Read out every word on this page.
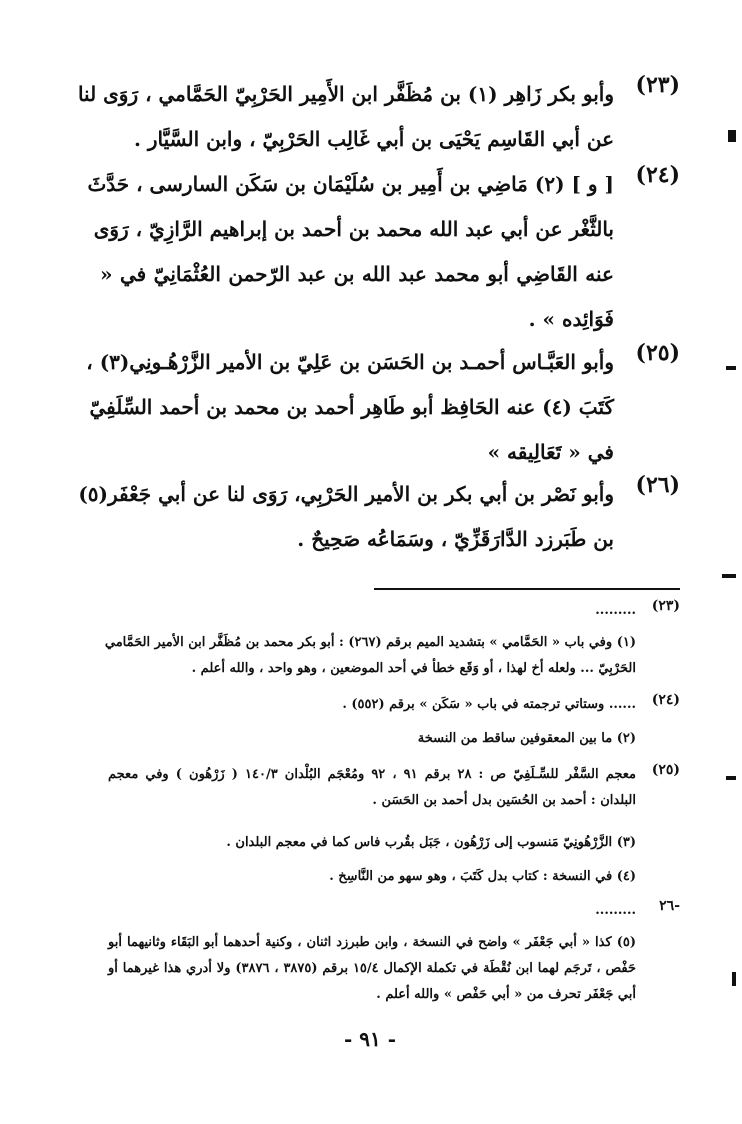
(٢٣)
وأبو بكر زَاهِر (١) بن مُظَفَّر ابن الأَمِير الحَرْبِيّ الحَمَّامي ، رَوَى لنا
عن أبي القَاسِم يَحْيَى بن أبي غَالِب الحَرْبِيّ ، وابن السَّيَّار .
(٢٤)
[ و ] (٢) مَاضِي بن أَمِير بن سُلَيْمَان بن سَكَن السارسى ، حَدَّثَ
بالثَّغْر عن أبي عبد الله محمد بن أحمد بن إبراهيم الرَّازِيّ ، رَوَى
عنه القَاضِي أبو محمد عبد الله بن عبد الرّحمن العُثْمَانِيّ في «
فَوَائِده » .
(٢٥)
وأبو العَبَّـاس أحمـد بن الحَسَن بن عَلِيّ بن الأمير الزَّرْهُـونِي(٣) ،
كَتَبَ (٤) عنه الحَافِظ أبو طَاهِر أحمد بن محمد بن أحمد السِّلَفِيّ
في « تَعَالِيقه »
(٢٦)
وأبو نَصْر بن أبي بكر بن الأمير الحَرْبِي، رَوَى لنا عن أبي جَعْفَر(٥)
بن طَبَرزد الدَّارَقَزِّيّ ، وسَمَاعُه صَحِيحٌ .
(٢٣)
.........
(١) وفي باب « الحَمَّامي » بتشديد الميم برقم (٢٦٧) : أبو بكر محمد بن مُظَفَّر ابن الأمير الحَمَّامي
الحَرْبِيّ ... ولعله أخ لهذا ، أو وَقَع خطأ في أحد الموضعين ، وهو واحد ، والله أعلم .
(٢٤)
...... وستاتي ترجمته في باب « سَكَن » برقم (٥٥٢) .
(٢) ما بين المعقوفين ساقط من النسخة
(٢٥)
معجم السَّفْر للسِّـلَفِيّ ص : ٢٨ برقم ٩١ ، ٩٢ ومُعْجَم البُلْدان ١٤٠/٣ ( زَرْهُون ) وفي معجم
البلدان : أحمد بن الحُسَين بدل أحمد بن الحَسَن .
(٣) الزَّرْهُونِيّ مَنسوب إلى زَرْهُون ، جَبَل بقُرب فاس كما في معجم البلدان .
(٤) في النسخة : كتاب بدل كَتَبَ ، وهو سهو من النَّاسِخ .
-٢٦
.........
(٥) كذا « أبي جَعْفَر » واضح في النسخة ، وابن طبرزد اثنان ، وكنية أحدهما أبو البَقَاء وثانيهما أبو
حَفْص ، تَرجَم لهما ابن نُقْطَة في تكملة الإكمال ١٥/٤ برقم (٣٨٧٥ ، ٣٨٧٦) ولا أدري هذا غيرهما أو
أبي جَعْفَر تحرف من « أبي حَفْص » والله أعلم .
- ٩١ -
